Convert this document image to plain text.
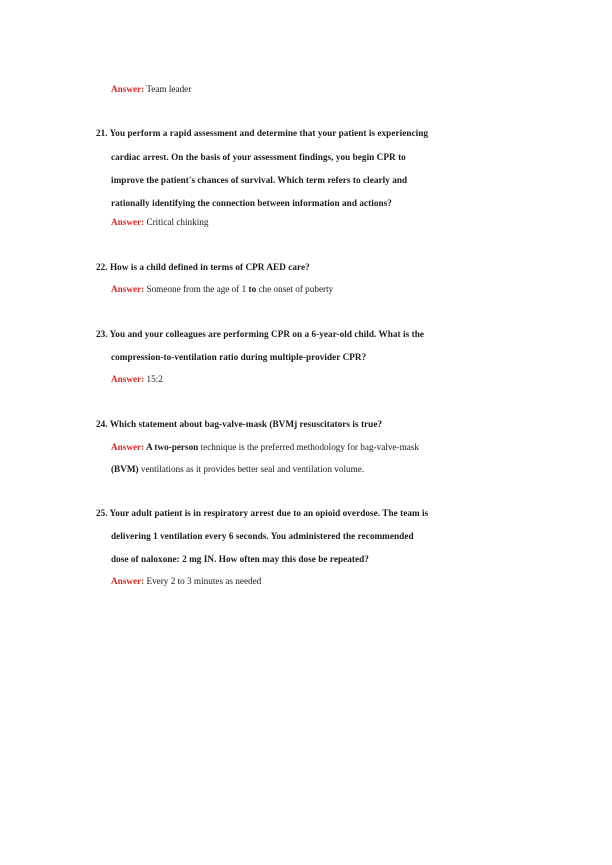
Answer: Team leader
21. You perform a rapid assessment and determine that your patient is experiencing
cardiac arrest. On the basis of your assessment findings, you begin CPR to
improve the patient's chances of survival. Which term refers to clearly and
rationally identifying the connection between information and actions?
Answer: Critical chinking
22. How is a child defined in terms of CPR AED care?
Answer: Someone from the age of 1 to che onset of puberty
23. You and your colleagues are performing CPR on a 6-year-old child. What is the
compression-to-ventilation ratio during multiple-provider CPR?
Answer: 15:2
24. Which statement about bag-valve-mask (BVMj resuscitators is true?
Answer: A two-person technique is the preferred methodology for bag-valve-mask
(BVM) ventilations as it provides better seal and ventilation volume.
25. Your adult patient is in respiratory arrest due to an opioid overdose. The team is
delivering 1 ventilation every 6 seconds. You administered the recommended
dose of naloxone: 2 mg IN. How often may this dose be repeated?
Answer: Every 2 to 3 minutes as needed
